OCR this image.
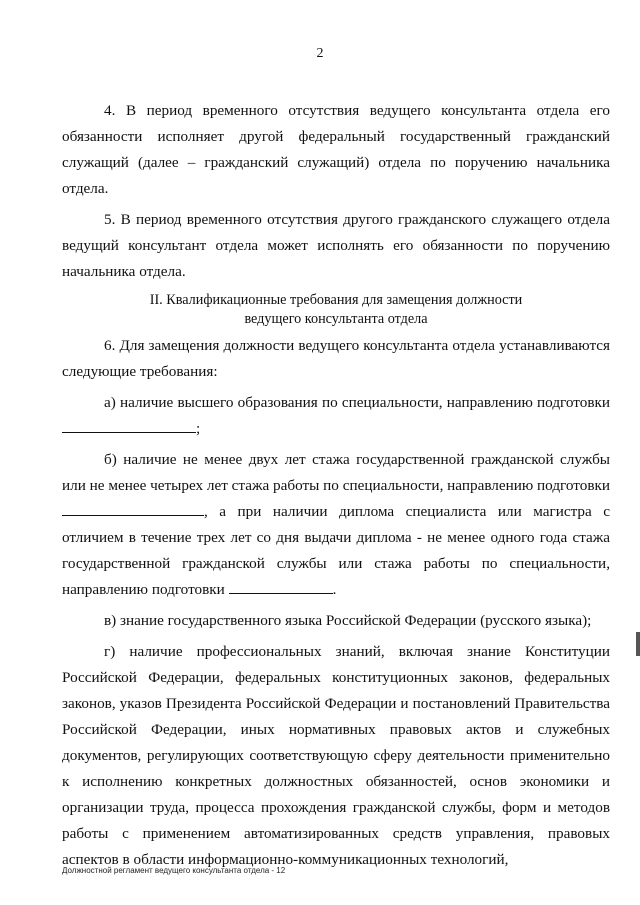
2

4. В период временного отсутствия ведущего консультанта отдела его обязанности исполняет другой федеральный государственный гражданский служащий (далее – гражданский служащий) отдела по поручению начальника отдела.

5. В период временного отсутствия другого гражданского служащего отдела ведущий консультант отдела может исполнять его обязанности по поручению начальника отдела.

II. Квалификационные требования для замещения должности
ведущего консультанта отдела

6. Для замещения должности ведущего консультанта отдела устанавливаются следующие требования:

а) наличие высшего образования по специальности, направлению подготовки;

б) наличие не менее двух лет стажа государственной гражданской службы или не менее четырех лет стажа работы по специальности, направлению подготовки, а при наличии диплома специалиста или магистра с отличием в течение трех лет со дня выдачи диплома - не менее одного года стажа государственной гражданской службы или стажа работы по специальности, направлению подготовки	.

в) знание государственного языка Российской Федерации (русского языка);

г) наличие профессиональных знаний, включая знание Конституции Российской Федерации, федеральных конституционных законов, федеральных законов, указов Президента Российской Федерации и постановлений Правительства Российской Федерации, иных нормативных правовых актов и служебных документов, регулирующих соответствующую сферу деятельности применительно к исполнению конкретных должностных обязанностей, основ экономики и организации труда, процесса прохождения гражданской службы, форм и методов работы с применением автоматизированных средств управления, правовых аспектов в области информационно-коммуникационных технологий,

Должностной регламент ведущего консультанта отдела - 12
